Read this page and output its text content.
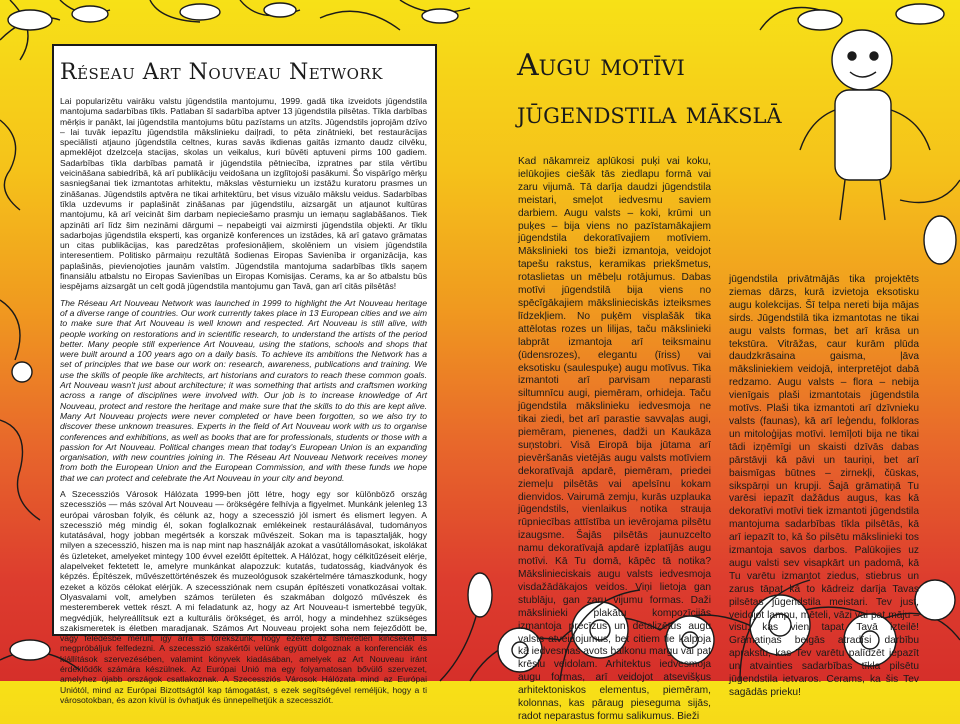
Réseau Art Nouveau Network

Lai popularizētu vairāku valstu jūgendstila mantojumu, 1999. gadā tika izveidots jūgendstila mantojuma sadarbības tīkls. Patlaban šī sadarbība aptver 13 jūgendstila pilsētas. Tīkla darbības mērķis ir panākt, lai jūgendstila mantojums būtu pazīstams un atzīts. Jūgendstils joprojām dzīvo – lai tuvāk iepazītu jūgendstila mākslinieku daiļradi, to pēta zinātnieki, bet restaurācijas speciālisti atjauno jūgendstila celtnes, kuras savās ikdienas gaitās izmanto daudz cilvēku, apmeklējot dzelzceļa stacijas, skolas un veikalus, kuri būvēti aptuveni pirms 100 gadiem. Sadarbības tīkla darbības pamatā ir jūgendstila pētniecība, izpratnes par stila vērtību veicināšana sabiedrībā, kā arī publikāciju veidošana un izglītojoši pasākumi. Šo vispārīgo mērķu sasniegšanai tiek izmantotas arhitektu, mākslas vēsturnieku un izstāžu kuratoru prasmes un zināšanas. Jūgendstils aptvēra ne tikai arhitektūru, bet visus vizuālo mākslu veidus. Sadarbības tīkla uzdevums ir paplašināt zināšanas par jūgendstilu, aizsargāt un atjaunot kultūras mantojumu, kā arī veicināt šim darbam nepieciešamo prasmju un iemaņu saglabāšanos. Tiek apzināti arī līdz šim nezināmi dārgumi – nepabeigti vai aizmirsti jūgendstila objekti. Ar tīklu sadarbojas jūgendstila eksperti, kas organizē konferences un izstādes, kā arī gatavo grāmatas un citas publikācijas, kas paredzētas profesionāļiem, skolēniem un visiem jūgendstila interesentiem. Politisko pārmaiņu rezultātā šodienas Eiropas Savienība ir organizācija, kas paplašinās, pievienojoties jaunām valstīm. Jūgendstila mantojuma sadarbības tīkls saņem finansiālu atbalstu no Eiropas Savienības un Eiropas Komisijas. Cerams, ka ar šo atbalstu būs iespējams aizsargāt un celt godā jūgendstila mantojumu gan Tavā, gan arī citās pilsētās!

The Réseau Art Nouveau Network was launched in 1999 to highlight the Art Nouveau heritage of a diverse range of countries. Our work currently takes place in 13 European cities and we aim to make sure that Art Nouveau is well known and respected. Art Nouveau is still alive, with people working on restorations and in scientific research, to understand the artists of the period better. Many people still experience Art Nouveau, using the stations, schools and shops that were built around a 100 years ago on a daily basis. To achieve its ambitions the Network has a set of principles that we base our work on: research, awareness, publications and training. We use the skills of people like architects, art historians and curators to reach these common goals. Art Nouveau wasn't just about architecture; it was something that artists and craftsmen working across a range of disciplines were involved with. Our job is to increase knowledge of Art Nouveau, protect and restore the heritage and make sure that the skills to do this are kept alive. Many Art Nouveau projects were never completed or have been forgotten, so we also try to discover these unknown treasures. Experts in the field of Art Nouveau work with us to organise conferences and exhibitions, as well as books that are for professionals, students or those with a passion for Art Nouveau. Political changes mean that today's European Union is an expanding organisation, with new countries joining in. The Réseau Art Nouveau Network receives money from both the European Union and the European Commission, and with these funds we hope that we can protect and celebrate the Art Nouveau in your city and beyond.

A Szecessziós Városok Hálózata 1999-ben jött létre, hogy egy sor különböző ország szecessziós — más szóval Art Nouveau — örökségére felhívja a figyelmet. Munkánk jelenleg 13 európai városban folyik, és célunk az, hogy a szecesszió jól ismert és elismert legyen. A szecesszió még mindig él, sokan foglalkoznak emlékeinek restaurálásával, tudományos kutatásával, hogy jobban megértsék a korszak művészeit. Sokan ma is tapasztalják, hogy milyen a szecesszió, hiszen ma is nap mint nap használják azokat a vasútállomásokat, iskolákat és üzleteket, amelyeket mintegy 100 évvel ezelőtt építettek. A Hálózat, hogy célkitűzéseit elérje, alapelveket fektetett le, amelyre munkánkat alapozzuk: kutatás, tudatosság, kiadványok és képzés. Építészek, művészettörténészek és muzeológusok szakértelmére támaszkodunk, hogy ezeket a közös célokat elérjük. A szecessziónak nem csupán építészeti vonatkozásai voltak. Olyasvalami volt, amelyben számos területen és szakmában dolgozó művészek és mesteremberek vettek részt. A mi feladatunk az, hogy az Art Nouveau-t ismertebbé tegyük, megvédjük, helyreállítsuk ezt a kulturális örökséget, és arról, hogy a mindehhez szükséges szakismeretek is életben maradjanak. Számos Art Nouveau projekt soha nem fejeződött be, vagy feledésbe merült, így arra is törekszünk, hogy ezeket az ismeretlen kincseket is megpróbáljuk felfedezni. A szecesszió szakértői velünk együtt dolgoznak a konferenciák és kiállítások szervezésében, valamint könyvek kiadásában, amelyek az Art Nouveau iránt érdeklődők számára készülnek. Az Európai Unió ma egy folyamatosan bővülő szervezet, amelyhez újabb országok csatlakoznak. A Szecessziós Városok Hálózata mind az Európai Uniótól, mind az Európai Bizottságtól kap támogatást, s ezek segítségével reméljük, hogy a ti városotokban, és azon kívül is óvhatjuk és ünnepelhetjük a szecessziót.

Augu motīvi
jūgendstila mākslā

Kad nākamreiz aplūkosi puķi vai koku, ielūkojies ciešāk tās ziedlapu formā vai zaru vijumā. Tā darīja daudzi jūgendstila meistari, smeļot iedvesmu saviem darbiem. Augu valsts – koki, krūmi un puķes – bija viens no pazīstamākajiem jūgendstila dekoratīvajiem motīviem. Mākslinieki tos bieži izmantoja, veidojot tapešu rakstus, keramikas priekšmetus, rotaslietas un mēbeļu rotājumus. Dabas motīvi jūgendstilā bija viens no spēcīgākajiem mākslinieciskās izteiksmes līdzekļiem. No puķēm visplašāk tika attēlotas rozes un lilijas, taču mākslinieki labprāt izmantoja arī teiksmainu (ūdensrozes), elegantu (īriss) vai eksotisku (saulespuķe) augu motīvus. Tika izmantoti arī parvisam neparasti siltumnīcu augi, piemēram, orhideja. Taču jūgendstila mākslinieku iedvesmoja ne tikai ziedi, bet arī parastie savvaļas augi, piemēram, pienenes, dadži un Kaukāza suņstobri. Visā Eiropā bija jūtama arī pievēršanās vietējās augu valsts motīviem dekoratīvajā apdarē, piemēram, priedei ziemeļu pilsētās vai apelsīnu kokam dienvidos. Vairumā zemju, kurās uzplauka jūgendstils, vienlaikus notika strauja rūpniecības attīstība un ievērojama pilsētu izaugsme. Šajās pilsētās jaunuzcelto namu dekoratīvajā apdarē izplatījās augu motīvi. Kā Tu domā, kāpēc tā notika? Mākslinieciskais augu valsts iedvesmoja visdažādākajos veidos. Viņi lietoja gan stublāju, gan zaru vijumu formas. Daži mākslinieki plakātu kompozīcijās izmantoja precīzus un detalizētus augu valsts atveidojumus, bet citiem tie kalpoja kā iedvesmas avots balkonu margu vai pat krēslu veidolam. Arhitektus iedvesmoja augu formas, arī veidojot atsevišķus arhitektoniskos elementus, piemēram, kolonnas, kas pāraug pieseguma sijās, radot neparastus formu salikumus. Bieži

jūgendstila privātmājās tika projektēts ziemas dārzs, kurā izvietoja eksotisku augu kolekcijas. Šī telpa nereti bija mājas sirds. Jūgendstilā tika izmantotas ne tikai augu valsts formas, bet arī krāsa un tekstūra. Vitrāžas, caur kurām plūda daudzkrāsaina gaisma, ļāva māksliniekiem veidojā, interpretējot dabā redzamo. Augu valsts – flora – nebija vienīgais plaši izmantotais jūgendstila motīvs. Plaši tika izmantoti arī dzīvnieku valsts (faunas), kā arī leģendu, folkloras un mitoloģijas motīvi. Iemīļoti bija ne tikai tādi izņēmīgi un skaisti dzīvās dabas pārstāvji kā pāvi un tauriņi, bet arī baismīgas būtnes – zirnekļi, čūskas, sikspārņi un krupji. Šajā grāmatiņā Tu varēsi iepazīt dažādus augus, kas kā dekoratīvi motīvi tiek izmantoti jūgendstila mantojuma sadarbības tīkla pilsētās, kā arī iepazīt to, kā šo pilsētu mākslinieki tos izmantoja savos darbos. Palūkojies uz augu valsti sev visapkārt un padomā, kā Tu varētu izmantot ziedus, stiebrus un zarus tāpat kā to kādreiz darīja Tavas pilsētas jūgendstila meistari. Tev just, veidojot lampu, mēteli, vāzi vai pat māju – visu, kas vien tapat Tavā izteilē! Grāmatiņas beigās atradīsi darbību aprakstu, kas Tev varētu palīdzēt iepazīt un atvainties sadarbības tīkla pilsētu jūgendstila ietvaros. Cerams, ka šis Tev sagādās prieku!
